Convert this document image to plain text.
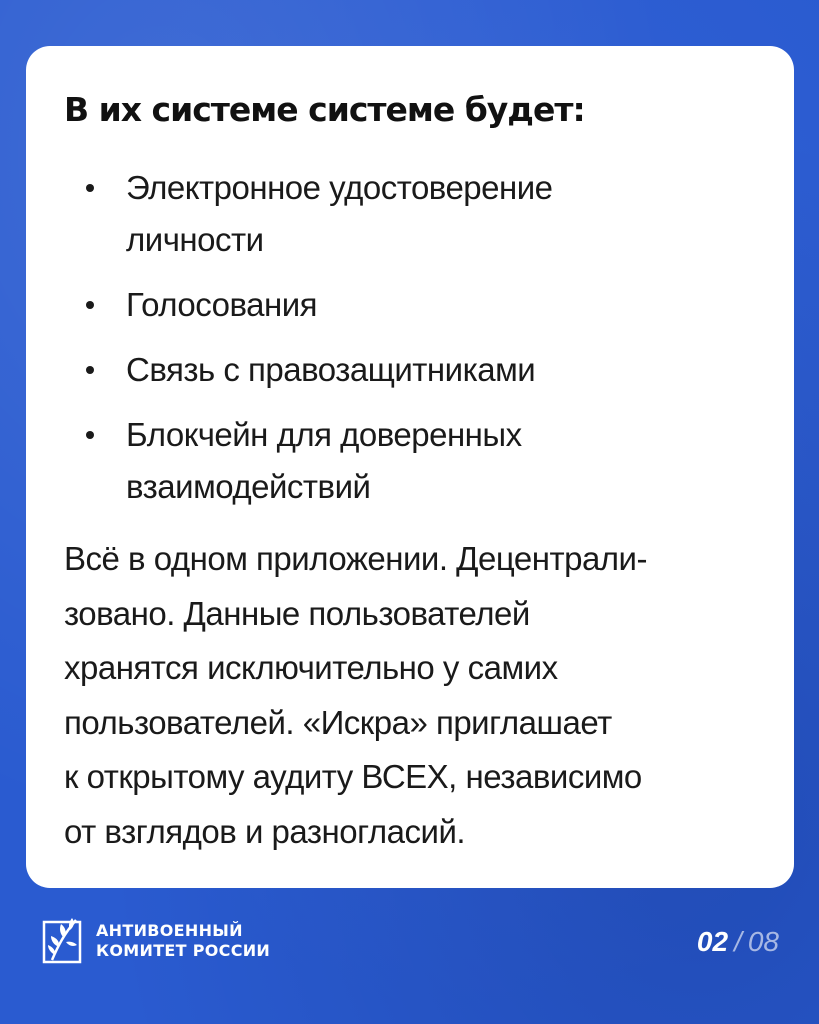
В их системе системе будет:
Электронное удостоверение
личности
Голосования
Связь с правозащитниками
Блокчейн для доверенных
взаимодействий

Всё в одном приложении. Децентрали-
зовано. Данные пользователей
хранятся исключительно у самих
пользователей. «Искра» приглашает
к открытому аудиту ВСЕХ, независимо
от взглядов и разногласий.

АНТИВОЕННЫЙ
КОМИТЕТ РОССИИ	02 / 08
